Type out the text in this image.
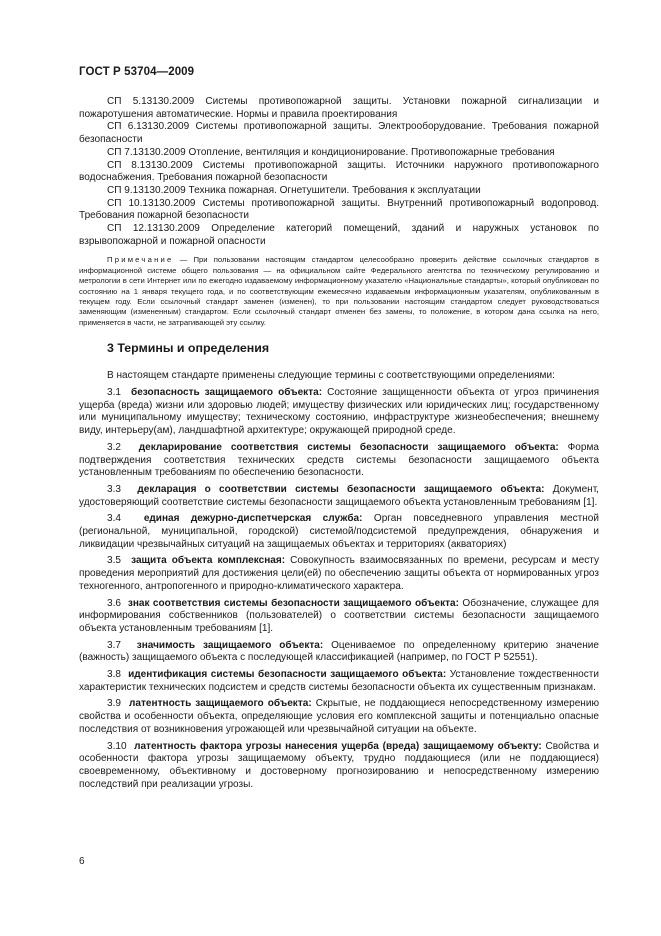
ГОСТ Р 53704—2009

СП 5.13130.2009 Системы противопожарной защиты. Установки пожарной сигнализации и пожаротушения автоматические. Нормы и правила проектирования

СП 6.13130.2009 Системы противопожарной защиты. Электрооборудование. Требования пожарной безопасности

СП 7.13130.2009 Отопление, вентиляция и кондиционирование. Противопожарные требования

СП 8.13130.2009 Системы противопожарной защиты. Источники наружного противопожарного водоснабжения. Требования пожарной безопасности

СП 9.13130.2009 Техника пожарная. Огнетушители. Требования к эксплуатации

СП 10.13130.2009 Системы противопожарной защиты. Внутренний противопожарный водопровод. Требования пожарной безопасности

СП 12.13130.2009 Определение категорий помещений, зданий и наружных установок по взрывопожарной и пожарной опасности

Примечание — При пользовании настоящим стандартом целесообразно проверить действие ссылочных стандартов в информационной системе общего пользования — на официальном сайте Федерального агентства по техническому регулированию и метрологии в сети Интернет или по ежегодно издаваемому информационному указателю «Национальные стандарты», который опубликован по состоянию на 1 января текущего года, и по соответствующим ежемесячно издаваемым информационным указателям, опубликованным в текущем году. Если ссылочный стандарт заменен (изменен), то при пользовании настоящим стандартом следует руководствоваться заменяющим (измененным) стандартом. Если ссылочный стандарт отменен без замены, то положение, в котором дана ссылка на него, применяется в части, не затрагивающей эту ссылку.

3 Термины и определения

В настоящем стандарте применены следующие термины с соответствующими определениями:

3.1 безопасность защищаемого объекта: Состояние защищенности объекта от угроз причинения ущерба (вреда) жизни или здоровью людей; имуществу физических или юридических лиц; государственному или муниципальному имуществу; техническому состоянию, инфраструктуре жизнеобеспечения; внешнему виду, интерьеру(ам), ландшафтной архитектуре; окружающей природной среде.

3.2 декларирование соответствия системы безопасности защищаемого объекта: Форма подтверждения соответствия технических средств системы безопасности защищаемого объекта установленным требованиям по обеспечению безопасности.

3.3 декларация о соответствии системы безопасности защищаемого объекта: Документ, удостоверяющий соответствие системы безопасности защищаемого объекта установленным требованиям [1].

3.4 единая дежурно-диспетчерская служба: Орган повседневного управления местной (региональной, муниципальной, городской) системой/подсистемой предупреждения, обнаружения и ликвидации чрезвычайных ситуаций на защищаемых объектах и территориях (акваториях)

3.5 защита объекта комплексная: Совокупность взаимосвязанных по времени, ресурсам и месту проведения мероприятий для достижения цели(ей) по обеспечению защиты объекта от нормированных угроз техногенного, антропогенного и природно-климатического характера.

3.6 знак соответствия системы безопасности защищаемого объекта: Обозначение, служащее для информирования собственников (пользователей) о соответствии системы безопасности защищаемого объекта установленным требованиям [1].

3.7 значимость защищаемого объекта: Оцениваемое по определенному критерию значение (важность) защищаемого объекта с последующей классификацией (например, по ГОСТ Р 52551).

3.8 идентификация системы безопасности защищаемого объекта: Установление тождественности характеристик технических подсистем и средств системы безопасности объекта их существенным признакам.

3.9 латентность защищаемого объекта: Скрытые, не поддающиеся непосредственному измерению свойства и особенности объекта, определяющие условия его комплексной защиты и потенциально опасные последствия от возникновения угрожающей или чрезвычайной ситуации на объекте.

3.10 латентность фактора угрозы нанесения ущерба (вреда) защищаемому объекту: Свойства и особенности фактора угрозы защищаемому объекту, трудно поддающиеся (или не поддающиеся) своевременному, объективному и достоверному прогнозированию и непосредственному измерению последствий при реализации угрозы.

6
